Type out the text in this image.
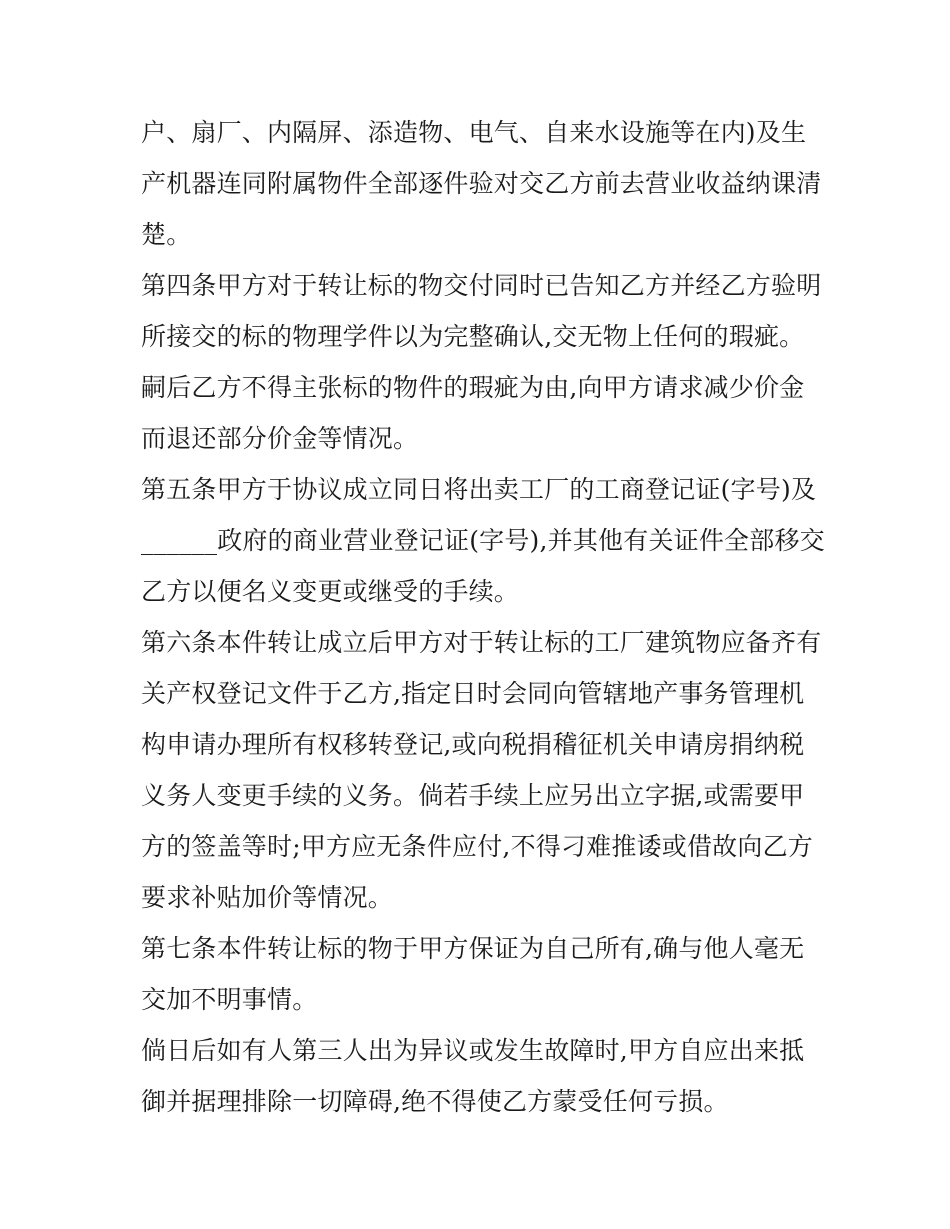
户、扇厂、内隔屏、添造物、电气、自来水设施等在内)及生
产机器连同附属物件全部逐件验对交乙方前去营业收益纳课清
楚。
第四条甲方对于转让标的物交付同时已告知乙方并经乙方验明
所接交的标的物理学件以为完整确认,交无物上任何的瑕疵。
嗣后乙方不得主张标的物件的瑕疵为由,向甲方请求减少价金
而退还部分价金等情况。
第五条甲方于协议成立同日将出卖工厂的工商登记证(字号)及
______政府的商业营业登记证(字号),并其他有关证件全部移交
乙方以便名义变更或继受的手续。
第六条本件转让成立后甲方对于转让标的工厂建筑物应备齐有
关产权登记文件于乙方,指定日时会同向管辖地产事务管理机
构申请办理所有权移转登记,或向税捐稽征机关申请房捐纳税
义务人变更手续的义务。倘若手续上应另出立字据,或需要甲
方的签盖等时;甲方应无条件应付,不得刁难推诿或借故向乙方
要求补贴加价等情况。
第七条本件转让标的物于甲方保证为自己所有,确与他人毫无
交加不明事情。
倘日后如有人第三人出为异议或发生故障时,甲方自应出来抵
御并据理排除一切障碍,绝不得使乙方蒙受任何亏损。
